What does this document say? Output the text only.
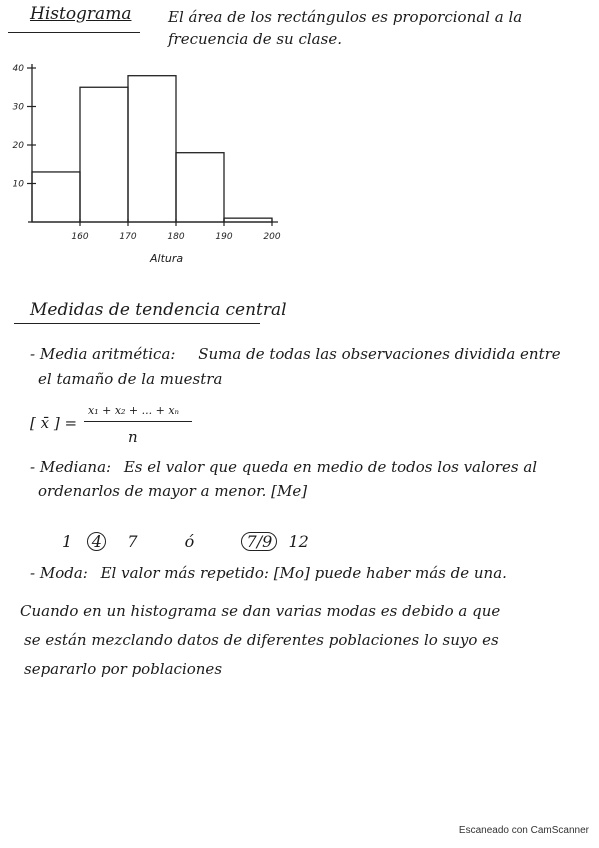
Histograma El área de los rectángulos es proporcional a la
frecuencia de su clase.
10
20
30
40
160	170	180	190	200
Altura
Medidas de tendencia central
- Media aritmética: Suma de todas las observaciones dividida entre
el tamaño de la muestra
[ x̄ ] =
x₁ + x₂ + ... + xₙ
n
- Mediana: Es el valor que queda en medio de todos los valores al
ordenarlos de mayor a menor. [Me]
1 4 7	ó	7/9 12
- Moda: El valor más repetido: [Mo] puede haber más de una.
Cuando en un histograma se dan varias modas es debido a que
se están mezclando datos de diferentes poblaciones lo suyo es
separarlo por poblaciones
Escaneado con CamScanner
